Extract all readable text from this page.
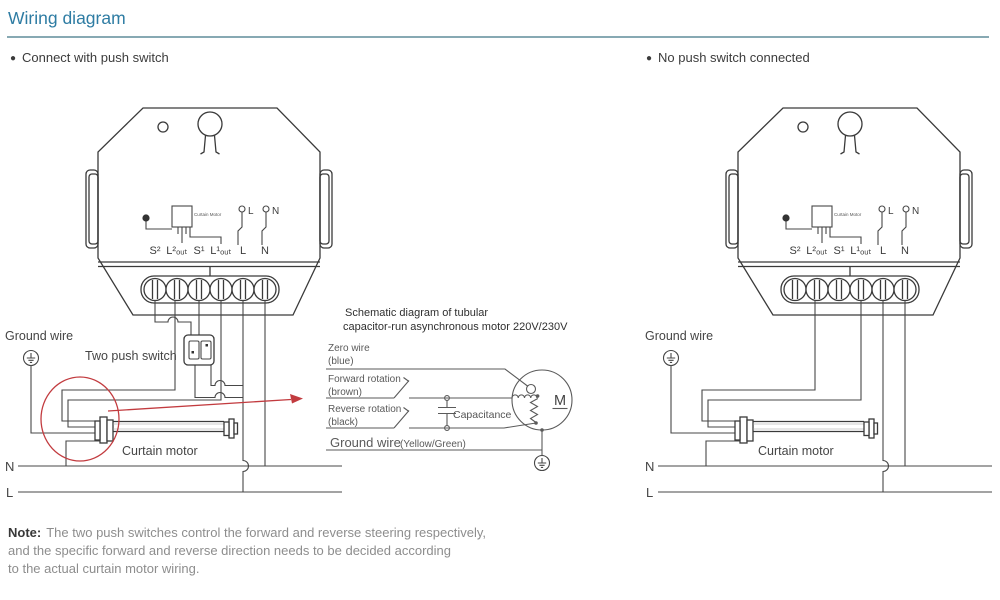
Wiring diagram
● Connect with push switch	● No push switch connected
Ground wire
Two push switch
Curtain motor
N
L
Schematic diagram of tubular
capacitor-run asynchronous motor 220V/230V
M
Zero wire
(blue)
Forward rotation
(brown)
Reverse rotation
(black)
Ground wire (Yellow/Green)
Capacitance
Ground wire
Curtain motor
N
L
Note: The two push switches control the forward and reverse steering respectively,
and the specific forward and reverse direction needs to be decided according
to the actual curtain motor wiring.
